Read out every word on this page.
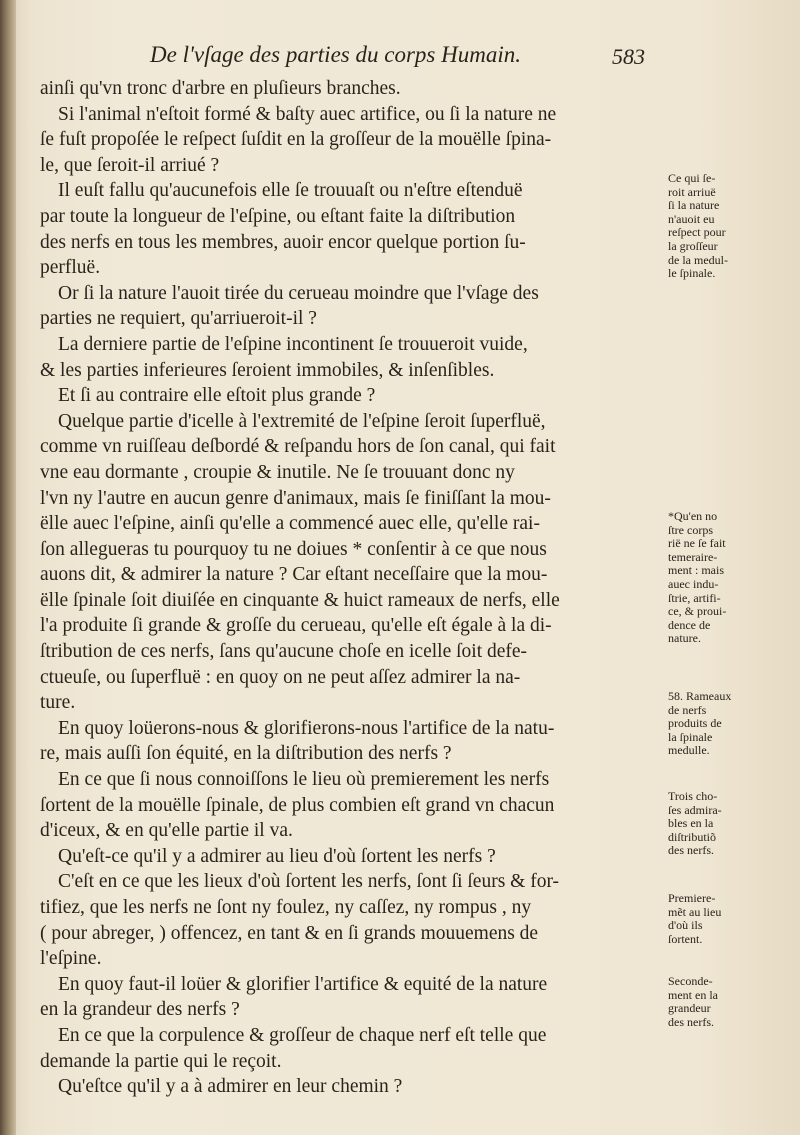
De l'vſage des parties du corps Humain.	583
ainſi qu'vn tronc d'arbre en pluſieurs branches.
Si l'animal n'eſtoit formé & baſty auec artifice, ou ſi la nature ne
ſe fuſt propoſée le reſpect ſuſdit en la groſſeur de la mouëlle ſpina-
le, que ſeroit-il arriué ?
Il euſt fallu qu'aucunefois elle ſe trouuaſt ou n'eſtre eſtenduë
par toute la longueur de l'eſpine, ou eſtant faite la diſtribution
des nerfs en tous les membres, auoir encor quelque portion ſu-
perfluë.
Or ſi la nature l'auoit tirée du cerueau moindre que l'vſage des
parties ne requiert, qu'arriueroit-il ?
La derniere partie de l'eſpine incontinent ſe trouueroit vuide,
& les parties inferieures ſeroient immobiles, & inſenſibles.
Et ſi au contraire elle eſtoit plus grande ?
Quelque partie d'icelle à l'extremité de l'eſpine ſeroit ſuperfluë,
comme vn ruiſſeau deſbordé & reſpandu hors de ſon canal, qui fait
vne eau dormante , croupie & inutile. Ne ſe trouuant donc ny
l'vn ny l'autre en aucun genre d'animaux, mais ſe finiſſant la mou-
ëlle auec l'eſpine, ainſi qu'elle a commencé auec elle, qu'elle rai-
ſon allegueras tu pourquoy tu ne doiues * conſentir à ce que nous
auons dit, & admirer la nature ? Car eſtant neceſſaire que la mou-
ëlle ſpinale ſoit diuiſée en cinquante & huict rameaux de nerfs, elle
l'a produite ſi grande & groſſe du cerueau, qu'elle eſt égale à la di-
ſtribution de ces nerfs, ſans qu'aucune choſe en icelle ſoit defe-
ctueuſe, ou ſuperfluë : en quoy on ne peut aſſez admirer la na-
ture.
En quoy loüerons-nous & glorifierons-nous l'artifice de la natu-
re, mais auſſi ſon équité, en la diſtribution des nerfs ?
En ce que ſi nous connoiſſons le lieu où premierement les nerfs
ſortent de la mouëlle ſpinale, de plus combien eſt grand vn chacun
d'iceux, & en qu'elle partie il va.
Qu'eſt-ce qu'il y a admirer au lieu d'où ſortent les nerfs ?
C'eſt en ce que les lieux d'où ſortent les nerfs, ſont ſi ſeurs & for-
tifiez, que les nerfs ne ſont ny foulez, ny caſſez, ny rompus , ny
( pour abreger, ) offencez, en tant & en ſi grands mouuemens de
l'eſpine.
En quoy faut-il loüer & glorifier l'artifice & equité de la nature
en la grandeur des nerfs ?
En ce que la corpulence & groſſeur de chaque nerf eſt telle que
demande la partie qui le reçoit.
Qu'eſtce qu'il y a à admirer en leur chemin ?
Ce qui ſe-
roit arriuë
ſi la nature
n'auoit eu
reſpect pour
la groſſeur
de la medul-
le ſpinale.
*Qu'en no
ſtre corps
rië ne ſe fait
temeraire-
ment : mais
auec indu-
ſtrie, artifi-
ce, & proui-
dence de
nature.
58. Rameaux
de nerfs
produits de
la ſpinale
medulle.
Trois cho-
ſes admira-
bles en la
diſtributiõ
des nerfs.
Premiere-
mẽt au lieu
d'où ils
ſortent.
Seconde-
ment en la
grandeur
des nerfs.
